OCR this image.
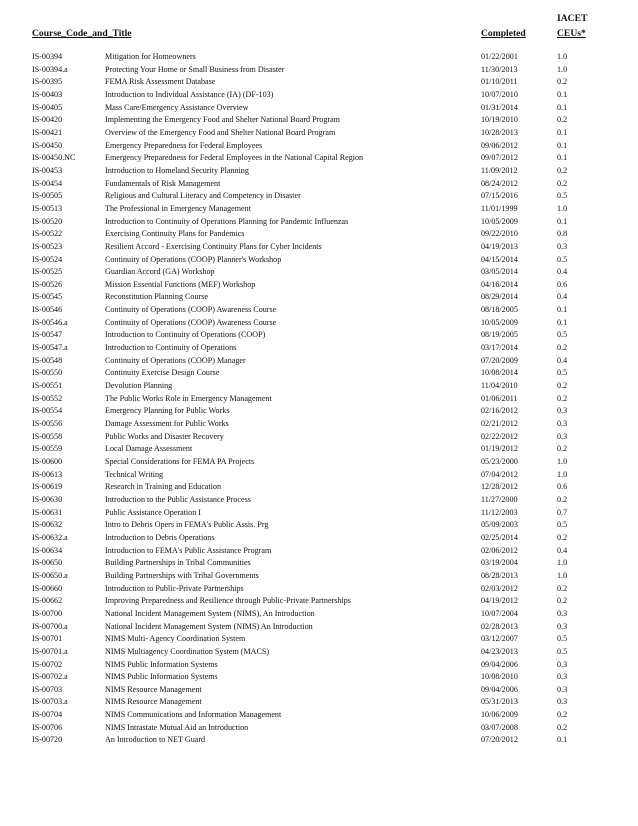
Course_Code_and_Title	Completed
IACET
CEUs*
IS-00394	Mitigation for Homeowners	01/22/2001	1.0
IS-00394.a	Protecting Your Home or Small Business from Disaster	11/30/2013	1.0
IS-00395	FEMA Risk Assessment Database	01/10/2011	0.2
IS-00403	Introduction to Individual Assistance (IA) (DF-103)	10/07/2010	0.1
IS-00405	Mass Care/Emergency Assistance Overview	01/31/2014	0.1
IS-00420	Implementing the Emergency Food and Shelter National Board Program	10/19/2010	0.2
IS-00421	Overview of the Emergency Food and Shelter National Board Program	10/28/2013	0.1
IS-00450	Emergency Preparedness for Federal Employees	09/06/2012	0.1
IS-00450.NC	Emergency Preparedness for Federal Employees in the National Capital Region	09/07/2012	0.1
IS-00453	Introduction to Homeland Security Planning	11/09/2012	0.2
IS-00454	Fundamentals of Risk Management	08/24/2012	0.2
IS-00505	Religious and Cultural Literacy and Competency in Disaster	07/15/2016	0.5
IS-00513	The Professional in Emergency Management	11/01/1999	1.0
IS-00520	Introduction to Continuity of Operations Planning for Pandemic Influenzas	10/05/2009	0.1
IS-00522	Exercising Continuity Plans for Pandemics	09/22/2010	0.8
IS-00523	Resilient Accord - Exercising Continuity Plans for Cyber Incidents	04/19/2013	0.3
IS-00524	Continuity of Operations (COOP) Planner's Workshop	04/15/2014	0.5
IS-00525	Guardian Accord (GA) Workshop	03/05/2014	0.4
IS-00526	Mission Essential Functions (MEF) Workshop	04/16/2014	0.6
IS-00545	Reconstitution Planning Course	08/29/2014	0.4
IS-00546	Continuity of Operations (COOP) Awareness Course	08/18/2005	0.1
IS-00546.a	Continuity of Operations (COOP) Awareness Course	10/05/2009	0.1
IS-00547	Introduction to Continuity of Operations (COOP)	08/19/2005	0.5
IS-00547.a	Introduction to Continuity of Operations	03/17/2014	0.2
IS-00548	Continuity of Operations (COOP) Manager	07/20/2009	0.4
IS-00550	Continuity Exercise Design Course	10/08/2014	0.5
IS-00551	Devolution Planning	11/04/2010	0.2
IS-00552	The Public Works Role in Emergency Management	01/06/2011	0.2
IS-00554	Emergency Planning for Public Works	02/16/2012	0.3
IS-00556	Damage Assessment for Public Works	02/21/2012	0.3
IS-00558	Public Works and Disaster Recovery	02/22/2012	0.3
IS-00559	Local Damage Assessment	01/19/2012	0.2
IS-00600	Special Considerations for FEMA PA Projects	05/23/2000	1.0
IS-00613	Technical Writing	07/04/2012	1.0
IS-00619	Research in Training and Education	12/28/2012	0.6
IS-00630	Introduction to the Public Assistance Process	11/27/2000	0.2
IS-00631	Public Assistance Operation I	11/12/2003	0.7
IS-00632	Intro to Debris Opers in FEMA's Public Assis. Prg	05/09/2003	0.5
IS-00632.a	Introduction to Debris Operations	02/25/2014	0.2
IS-00634	Introduction to FEMA's Public Assistance Program	02/06/2012	0.4
IS-00650	Building Partnerships in Tribal Communities	03/19/2004	1.0
IS-00650.a	Building Partnerships with Tribal Governments	08/28/2013	1.0
IS-00660	Introduction to Public-Private Partnerships	02/03/2012	0.2
IS-00662	Improving Preparedness and Resilience through Public-Private Partnerships	04/19/2012	0.2
IS-00700	National Incident Management System (NIMS), An Introduction	10/07/2004	0.3
IS-00700.a	National Incident Management System (NIMS) An Introduction	02/28/2013	0.3
IS-00701	NIMS Multi- Agency Coordination System	03/12/2007	0.5
IS-00701.a	NIMS Multiagency Coordination System (MACS)	04/23/2013	0.5
IS-00702	NIMS Public Information Systems	09/04/2006	0.3
IS-00702.a	NIMS Public Information Systems	10/08/2010	0.3
IS-00703	NIMS Resource Management	09/04/2006	0.3
IS-00703.a	NIMS Resource Management	05/31/2013	0.3
IS-00704	NIMS Communications and Information Management	10/06/2009	0.2
IS-00706	NIMS Intrastate Mutual Aid an Introduction	03/07/2008	0.2
IS-00720	An Introduction to NET Guard	07/20/2012	0.1
